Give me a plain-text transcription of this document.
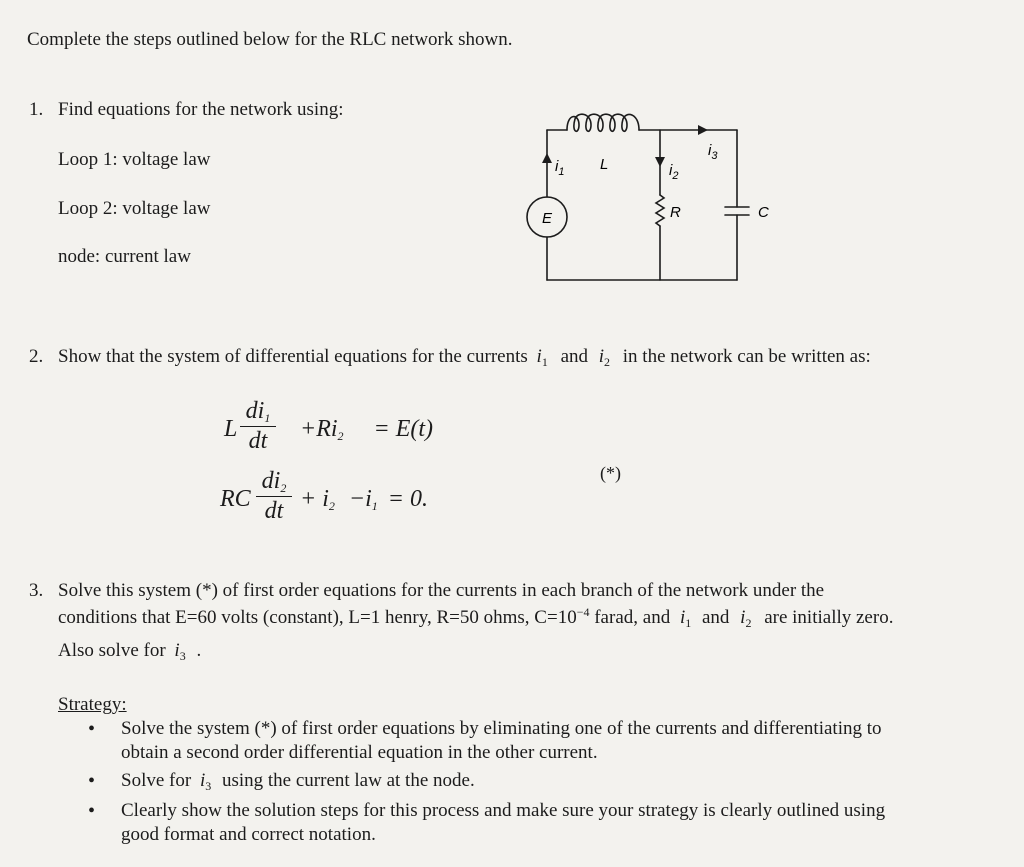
Complete the steps outlined below for the RLC network shown.
1. Find equations for the network using:
Loop 1: voltage law
Loop 2: voltage law
node: current law
E
$i_1$ L	$i_2$
$i_3$
R	C
2. Show that the system of differential equations for the currents $i_1$ and $i_2$ in the network can be written as:
L
$di_1$
dt $+Ri_2 = E(t)$
RC
$di_2$
dt + $i_2 -i_1 = 0$.
(*)
3. Solve this system (*) of first order equations for the currents in each branch of the network under the
conditions that E=60 volts (constant), L=1 henry, R=50 ohms, $C=10^{-4}$ farad, and $i_1$ and $i_2$ are initially zero.
Also solve for $i_3$ .
Strategy:
• Solve the system (*) of first order equations by eliminating one of the currents and differentiating to
obtain a second order differential equation in the other current.
• Solve for $i_3$ using the current law at the node.
• Clearly show the solution steps for this process and make sure your strategy is clearly outlined using
good format and correct notation.
